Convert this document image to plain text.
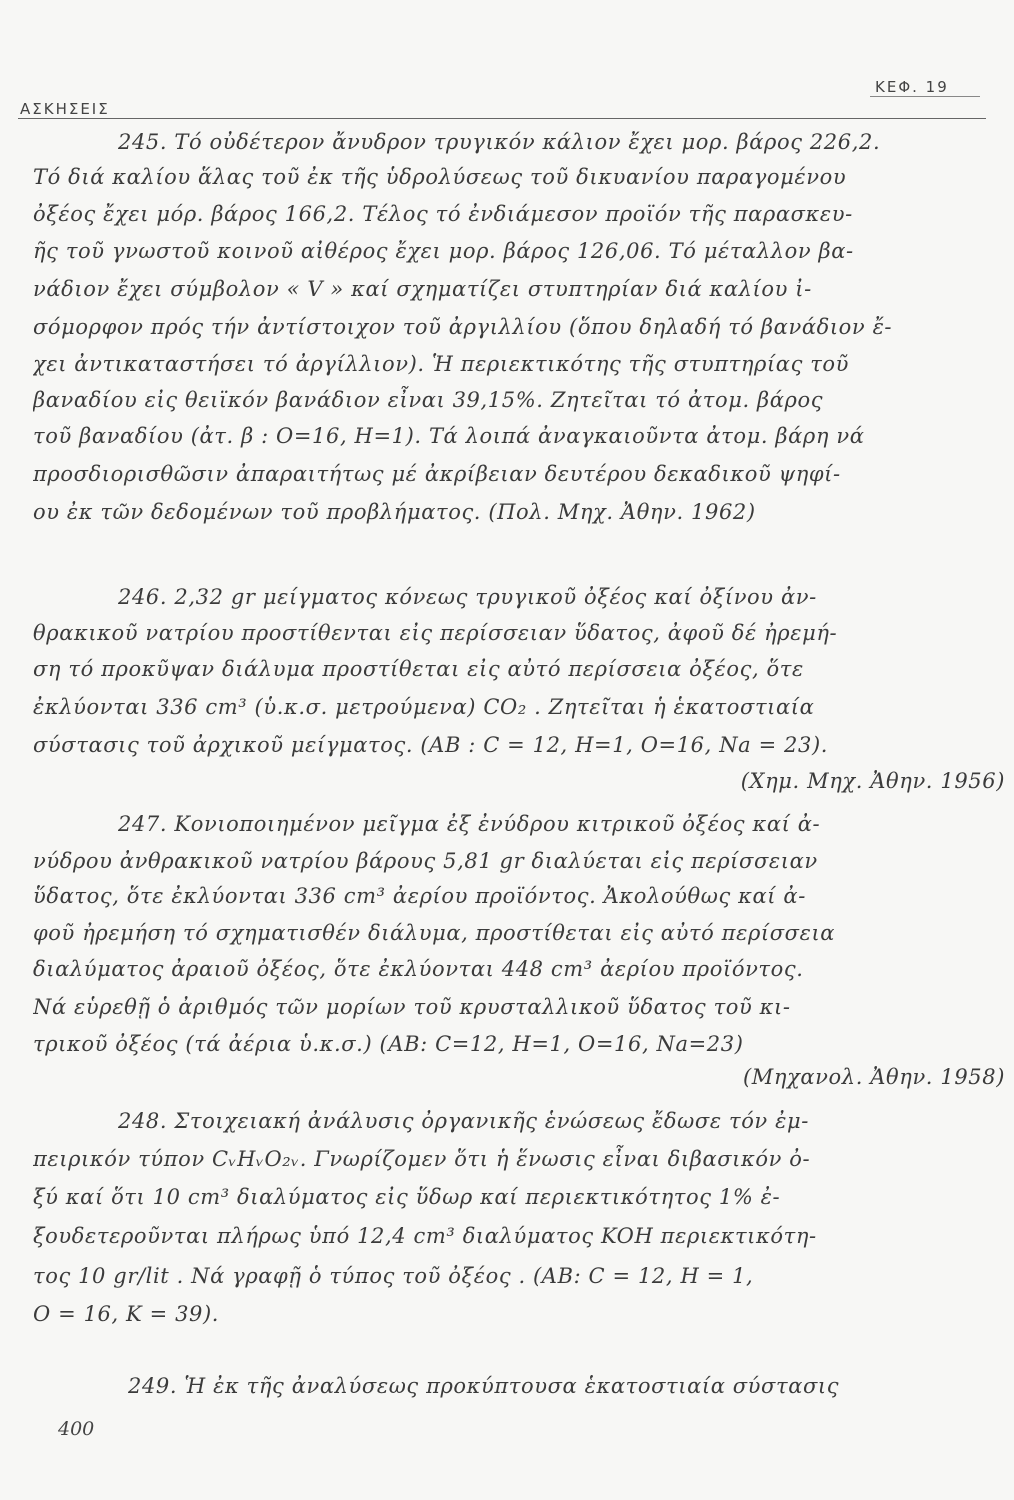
ΑΣΚΗΣΕΙΣ
ΚΕΦ. 19
245. Τό οὐδέτερον ἄνυδρον τρυγικόν κάλιον ἔχει μορ. βάρος 226,2.
Τό διά καλίου ἅλας τοῦ ἐκ τῆς ὑδρολύσεως τοῦ δικυανίου παραγομένου
ὀξέος ἔχει μόρ. βάρος 166,2. Τέλος τό ἐνδιάμεσον προϊόν τῆς παρασκευ-
ῆς τοῦ γνωστοῦ κοινοῦ αἰθέρος ἔχει μορ. βάρος 126,06. Τό μέταλλον βα-
νάδιον ἔχει σύμβολον « V » καί σχηματίζει στυπτηρίαν διά καλίου ἰ-
σόμορφον πρός τήν ἀντίστοιχον τοῦ ἀργιλλίου (ὅπου δηλαδή τό βανάδιον ἔ-
χει ἀντικαταστήσει τό ἀργίλλιον). Ἡ περιεκτικότης τῆς στυπτηρίας τοῦ
βαναδίου εἰς θειϊκόν βανάδιον εἶναι 39,15%. Ζητεῖται τό ἀτομ. βάρος
τοῦ βαναδίου (ἀτ. β : O=16, H=1). Τά λοιπά ἀναγκαιοῦντα ἀτομ. βάρη νά
προσδιορισθῶσιν ἀπαραιτήτως μέ ἀκρίβειαν δευτέρου δεκαδικοῦ ψηφί-
ου ἐκ τῶν δεδομένων τοῦ προβλήματος. (Πολ. Μηχ. Ἀθην. 1962)
246. 2,32 gr μείγματος κόνεως τρυγικοῦ ὀξέος καί ὀξίνου ἀν-
θρακικοῦ νατρίου προστίθενται εἰς περίσσειαν ὕδατος, ἀφοῦ δέ ἠρεμή-
ση τό προκῦψαν διάλυμα προστίθεται εἰς αὐτό περίσσεια ὀξέος, ὅτε
ἐκλύονται 336 cm³ (ὑ.κ.σ. μετρούμενα) CO₂ . Ζητεῖται ἡ ἑκατοστιαία
σύστασις τοῦ ἀρχικοῦ μείγματος. (AB : C = 12, H=1, O=16, Na = 23).
(Χημ. Μηχ. Ἀθην. 1956)
247. Κονιοποιημένον μεῖγμα ἐξ ἐνύδρου κιτρικοῦ ὀξέος καί ἀ-
νύδρου ἀνθρακικοῦ νατρίου βάρους 5,81 gr διαλύεται εἰς περίσσειαν
ὕδατος, ὅτε ἐκλύονται 336 cm³ ἀερίου προϊόντος. Ἀκολούθως καί ἀ-
φοῦ ἠρεμήση τό σχηματισθέν διάλυμα, προστίθεται εἰς αὐτό περίσσεια
διαλύματος ἀραιοῦ ὀξέος, ὅτε ἐκλύονται 448 cm³ ἀερίου προϊόντος.
Νά εὑρεθῇ ὁ ἀριθμός τῶν μορίων τοῦ κρυσταλλικοῦ ὕδατος τοῦ κι-
τρικοῦ ὀξέος (τά ἀέρια ὑ.κ.σ.) (AB: C=12, H=1, O=16, Na=23)
(Μηχανολ. Ἀθην. 1958)
248. Στοιχειακή ἀνάλυσις ὀργανικῆς ἑνώσεως ἔδωσε τόν ἐμ-
πειρικόν τύπον CᵥHᵥO₂ᵥ. Γνωρίζομεν ὅτι ἡ ἕνωσις εἶναι διβασικόν ὀ-
ξύ καί ὅτι 10 cm³ διαλύματος εἰς ὕδωρ καί περιεκτικότητος 1% ἐ-
ξουδετεροῦνται πλήρως ὑπό 12,4 cm³ διαλύματος KOH περιεκτικότη-
τος 10 gr/lit . Νά γραφῇ ὁ τύπος τοῦ ὀξέος . (AB: C = 12, H = 1,
O = 16, K = 39).
249. Ἡ ἐκ τῆς ἀναλύσεως προκύπτουσα ἑκατοστιαία σύστασις
400
